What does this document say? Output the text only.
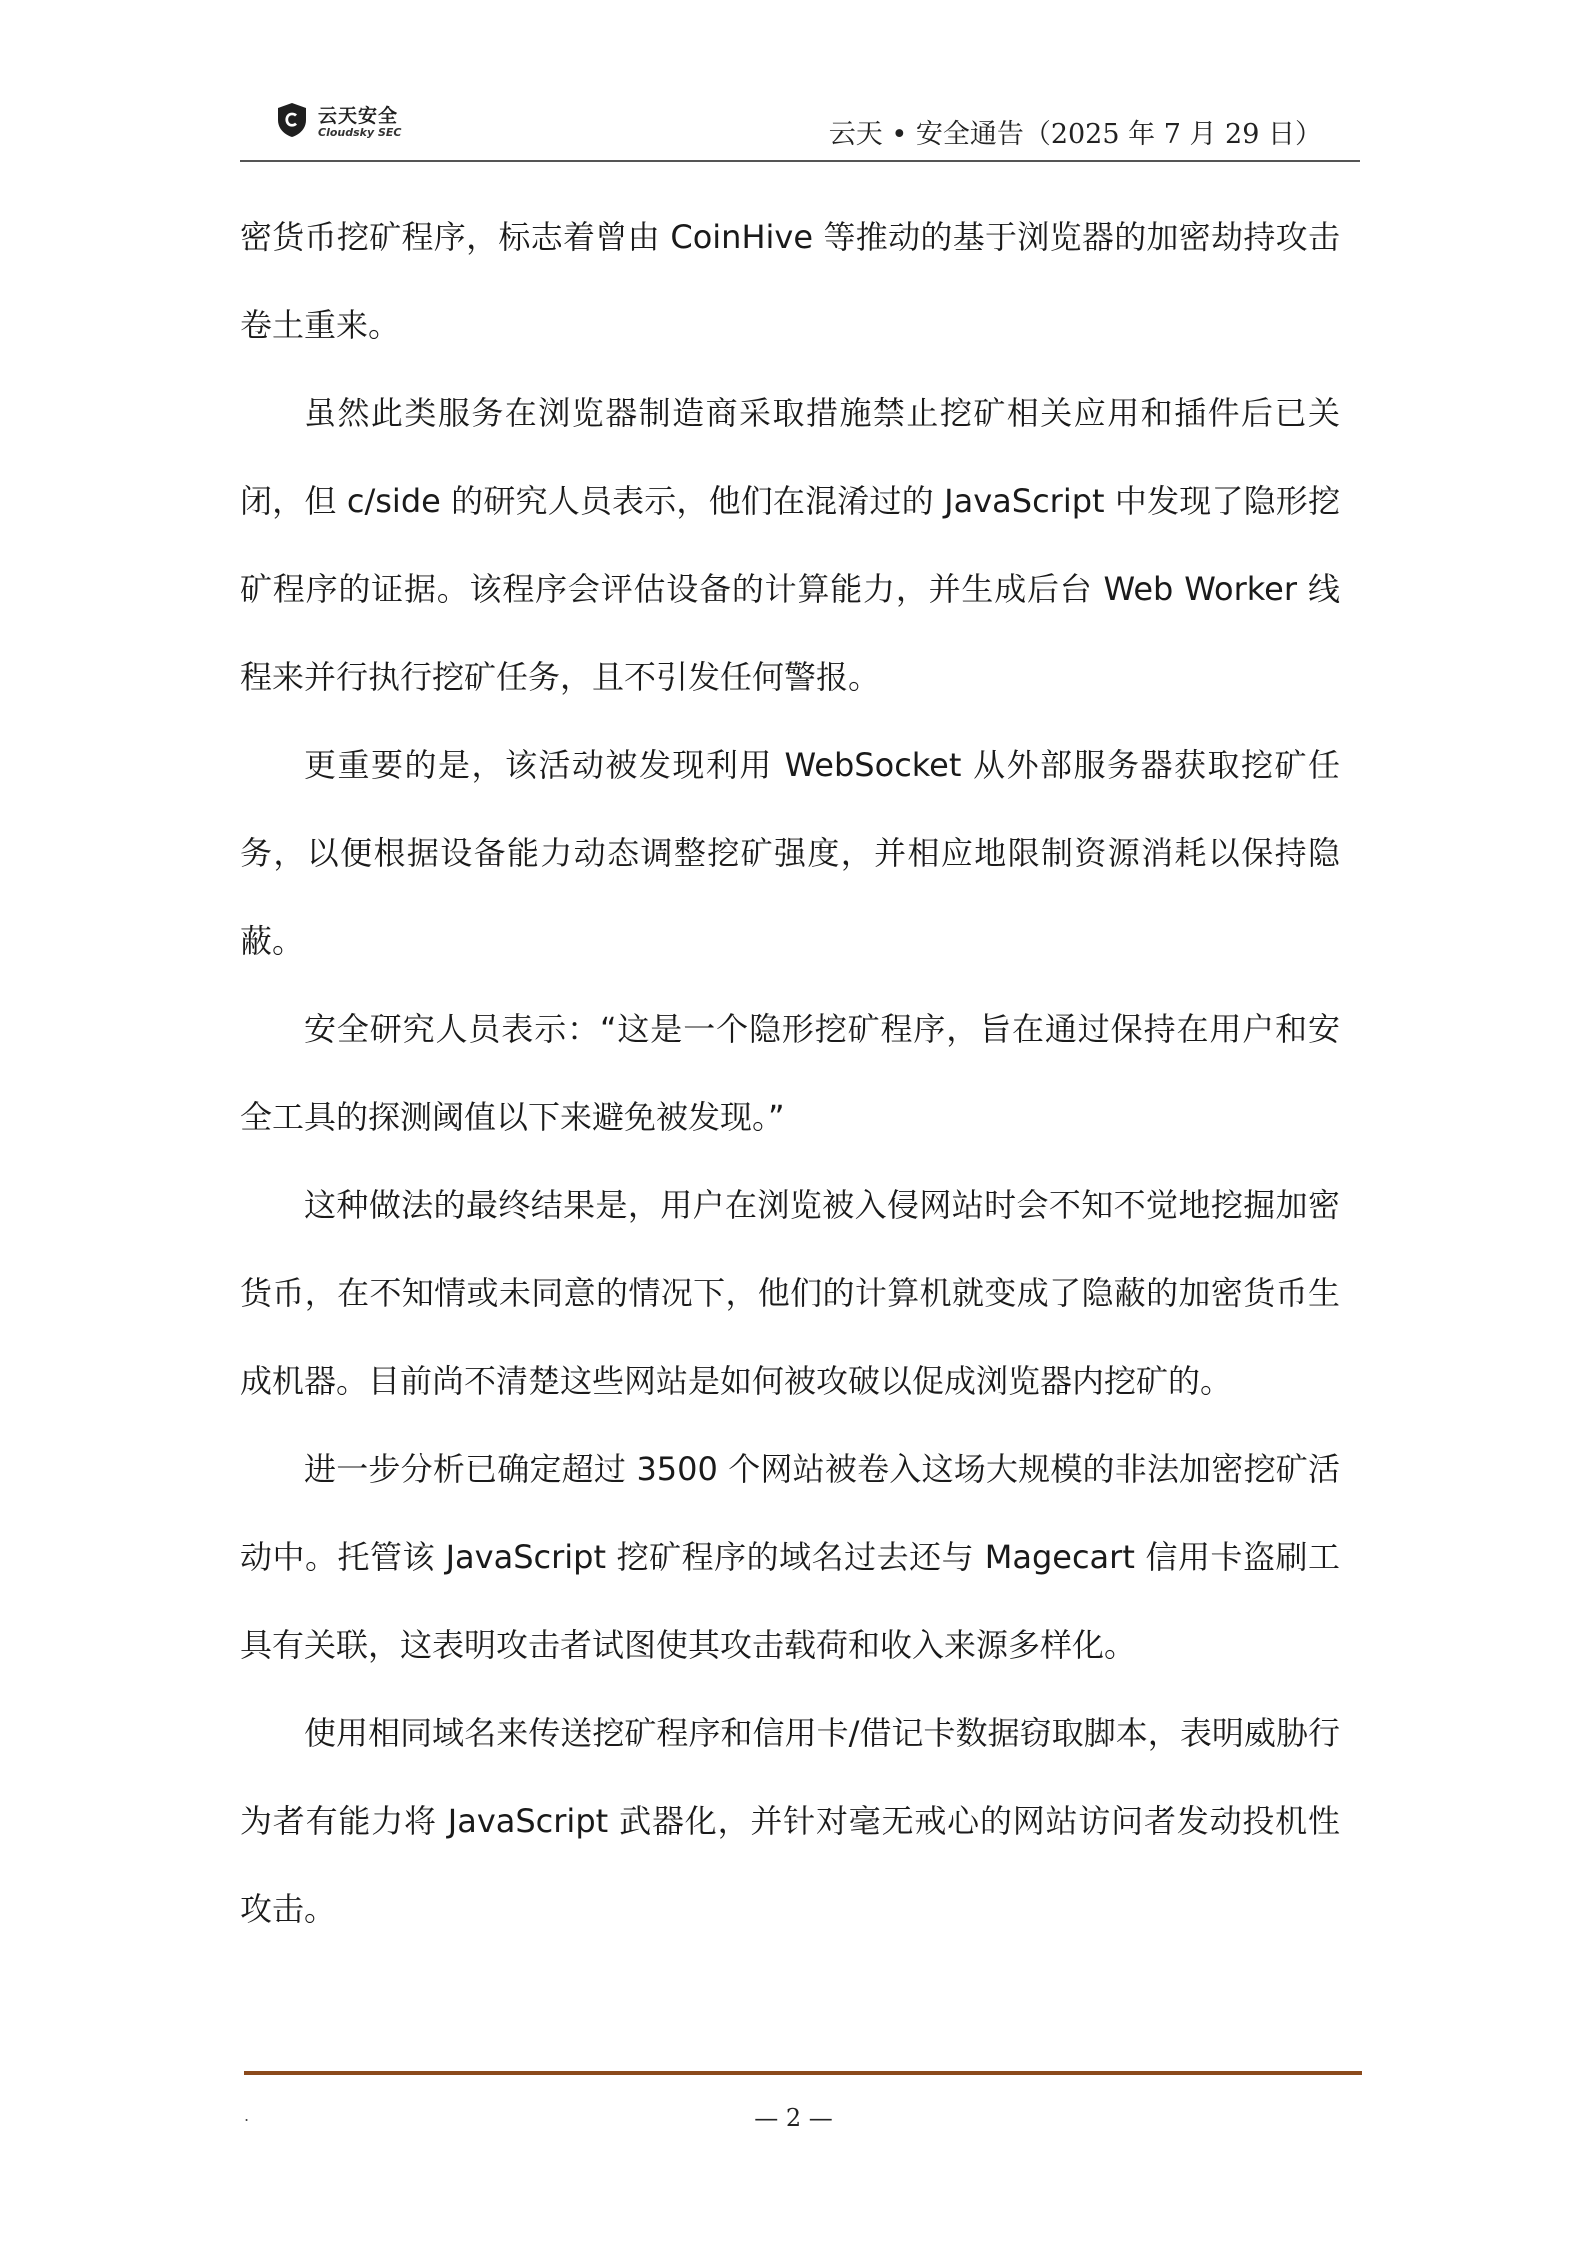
云天安全
Cloudsky SEC	云天 • 安全通告（2025 年 7 月 29 日）

密货币挖矿程序，标志着曾由 CoinHive 等推动的基于浏览器的加密劫持攻击卷土重来。

虽然此类服务在浏览器制造商采取措施禁止挖矿相关应用和插件后已关闭，但 c/side 的研究人员表示，他们在混淆过的 JavaScript 中发现了隐形挖矿程序的证据。该程序会评估设备的计算能力，并生成后台 Web Worker 线程来并行执行挖矿任务，且不引发任何警报。

更重要的是，该活动被发现利用 WebSocket 从外部服务器获取挖矿任务，以便根据设备能力动态调整挖矿强度，并相应地限制资源消耗以保持隐蔽。

安全研究人员表示：“这是一个隐形挖矿程序，旨在通过保持在用户和安全工具的探测阈值以下来避免被发现。”

这种做法的最终结果是，用户在浏览被入侵网站时会不知不觉地挖掘加密货币，在不知情或未同意的情况下，他们的计算机就变成了隐蔽的加密货币生成机器。目前尚不清楚这些网站是如何被攻破以促成浏览器内挖矿的。

进一步分析已确定超过 3500 个网站被卷入这场大规模的非法加密挖矿活动中。托管该 JavaScript 挖矿程序的域名过去还与 Magecart 信用卡盗刷工具有关联，这表明攻击者试图使其攻击载荷和收入来源多样化。

使用相同域名来传送挖矿程序和信用卡/借记卡数据窃取脚本，表明威胁行为者有能力将 JavaScript 武器化，并针对毫无戒心的网站访问者发动投机性攻击。

.	— 2 —
